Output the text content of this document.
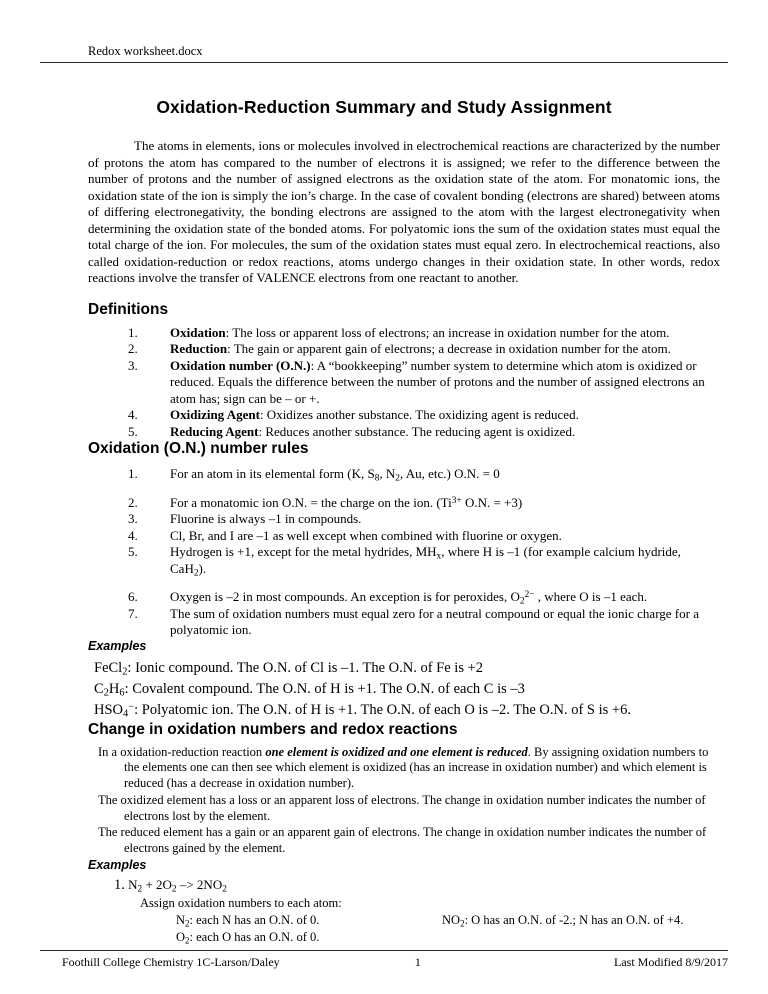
Redox worksheet.docx
Oxidation-Reduction Summary and Study Assignment

The atoms in elements, ions or molecules involved in electrochemical reactions are characterized by the number of protons the atom has compared to the number of electrons it is assigned; we refer to the difference between the number of protons and the number of assigned electrons as the oxidation state of the atom. For monatomic ions, the oxidation state of the ion is simply the ion’s charge. In the case of covalent bonding (electrons are shared) between atoms of differing electronegativity, the bonding electrons are assigned to the atom with the largest electronegativity when determining the oxidation state of the bonded atoms. For polyatomic ions the sum of the oxidation states must equal the total charge of the ion. For molecules, the sum of the oxidation states must equal zero. In electrochemical reactions, also called oxidation-reduction or redox reactions, atoms undergo changes in their oxidation state. In other words, redox reactions involve the transfer of VALENCE electrons from one reactant to another.

Definitions
1.	Oxidation: The loss or apparent loss of electrons; an increase in oxidation number for the atom.
2.	Reduction: The gain or apparent gain of electrons; a decrease in oxidation number for the atom.
3.	Oxidation number (O.N.): A “bookkeeping” number system to determine which atom is oxidized or reduced. Equals the difference between the number of protons and the number of assigned electrons an atom has; sign can be – or +.
4.	Oxidizing Agent: Oxidizes another substance. The oxidizing agent is reduced.
5.	Reducing Agent: Reduces another substance. The reducing agent is oxidized.
Oxidation (O.N.) number rules
1.	For an atom in its elemental form (K, $S_8$, $N_2$, Au, etc.) O.N. = 0
2.	For a monatomic ion O.N. = the charge on the ion. ($Ti^{3+}$ O.N. = +3)
3.	Fluorine is always –1 in compounds.
4.	Cl, Br, and I are –1 as well except when combined with fluorine or oxygen.
5.	Hydrogen is +1, except for the metal hydrides, $MH_x$, where H is –1 (for example calcium hydride, CaH$_2$).
6.	Oxygen is –2 in most compounds. An exception is for peroxides, $O_2^{2-}$ , where O is –1 each.
7.	The sum of oxidation numbers must equal zero for a neutral compound or equal the ionic charge for a polyatomic ion.
Examples

FeCl$_2$: Ionic compound. The O.N. of Cl is –1. The O.N. of Fe is +2

$C_2H_6$: Covalent compound. The O.N. of H is +1. The O.N. of each C is –3

$HSO_4^-$: Polyatomic ion. The O.N. of H is +1. The O.N. of each O is –2. The O.N. of S is +6.

Change in oxidation numbers and redox reactions

In a oxidation-reduction reaction one element is oxidized and one element is reduced. By assigning oxidation numbers to the elements one can then see which element is oxidized (has an increase in oxidation number) and which element is reduced (has a decrease in oxidation number).

The oxidized element has a loss or an apparent loss of electrons. The change in oxidation number indicates the number of electrons lost by the element.

The reduced element has a gain or an apparent gain of electrons. The change in oxidation number indicates the number of electrons gained by the element.

Examples

1. $N_2 + 2O_2 -> 2NO_2$

Assign oxidation numbers to each atom:

$N_2$: each N has an O.N. of 0.	$NO_2$: O has an O.N. of -2.; N has an O.N. of +4.
$O_2$: each O has an O.N. of 0.
Foothill College Chemistry 1C-Larson/Daley	1	Last Modified 8/9/2017
